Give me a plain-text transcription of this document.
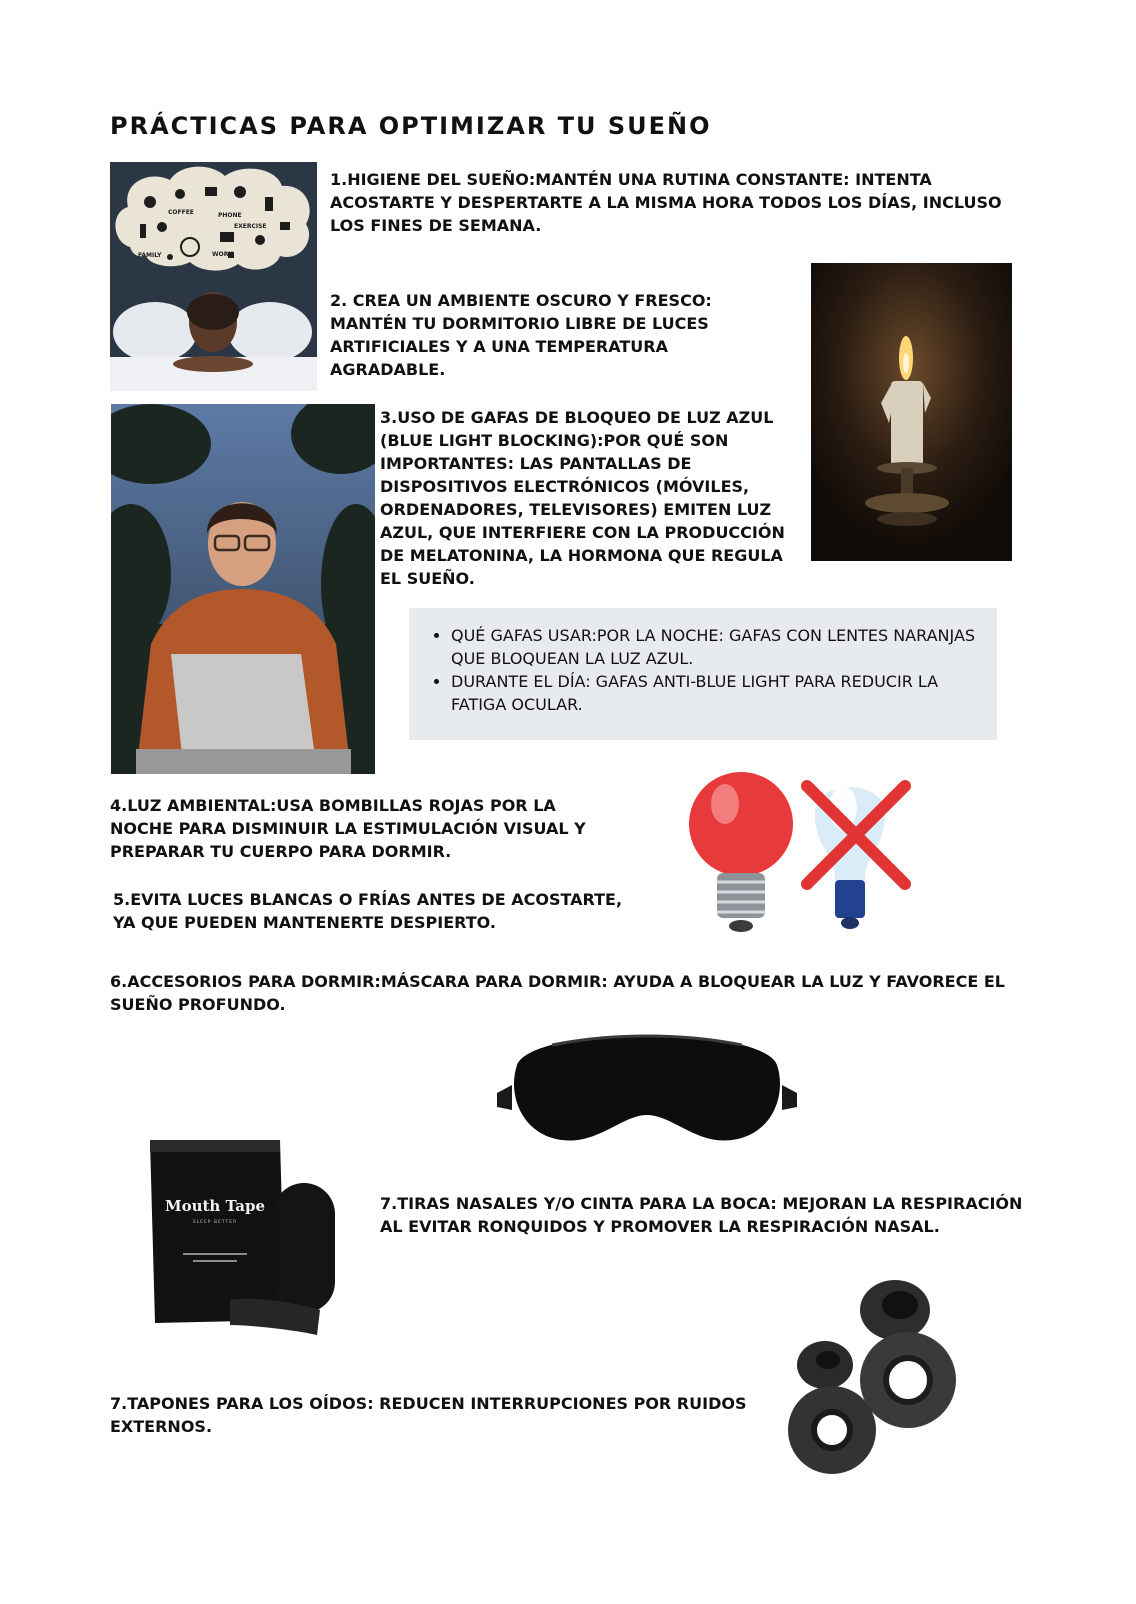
PRÁCTICAS PARA OPTIMIZAR TU SUEÑO
COFFEE	PHONE
EXERCISE
FAMILY	WORK
1.HIGIENE DEL SUEÑO:MANTÉN UNA RUTINA CONSTANTE: INTENTA ACOSTARTE Y DESPERTARTE A LA MISMA HORA TODOS LOS DÍAS, INCLUSO LOS FINES DE SEMANA.
2. CREA UN AMBIENTE OSCURO Y FRESCO: MANTÉN TU DORMITORIO LIBRE DE LUCES ARTIFICIALES Y A UNA TEMPERATURA AGRADABLE.
3.USO DE GAFAS DE BLOQUEO DE LUZ AZUL (BLUE LIGHT BLOCKING):POR QUÉ SON IMPORTANTES: LAS PANTALLAS DE DISPOSITIVOS ELECTRÓNICOS (MÓVILES, ORDENADORES, TELEVISORES) EMITEN LUZ AZUL, QUE INTERFIERE CON LA PRODUCCIÓN DE MELATONINA, LA HORMONA QUE REGULA EL SUEÑO.
• QUÉ GAFAS USAR:POR LA NOCHE: GAFAS CON LENTES NARANJAS QUE BLOQUEAN LA LUZ AZUL.
• DURANTE EL DÍA: GAFAS ANTI-BLUE LIGHT PARA REDUCIR LA FATIGA OCULAR.
4.LUZ AMBIENTAL:USA BOMBILLAS ROJAS POR LA NOCHE PARA DISMINUIR LA ESTIMULACIÓN VISUAL Y PREPARAR TU CUERPO PARA DORMIR.
5.EVITA LUCES BLANCAS O FRÍAS ANTES DE ACOSTARTE, YA QUE PUEDEN MANTENERTE DESPIERTO.
6.ACCESORIOS PARA DORMIR:MÁSCARA PARA DORMIR: AYUDA A BLOQUEAR LA LUZ Y FAVORECE EL SUEÑO PROFUNDO.
Mouth Tape
SLEEP BETTER
7.TIRAS NASALES Y/O CINTA PARA LA BOCA: MEJORAN LA RESPIRACIÓN AL EVITAR RONQUIDOS Y PROMOVER LA RESPIRACIÓN NASAL.
7.TAPONES PARA LOS OÍDOS: REDUCEN INTERRUPCIONES POR RUIDOS EXTERNOS.
